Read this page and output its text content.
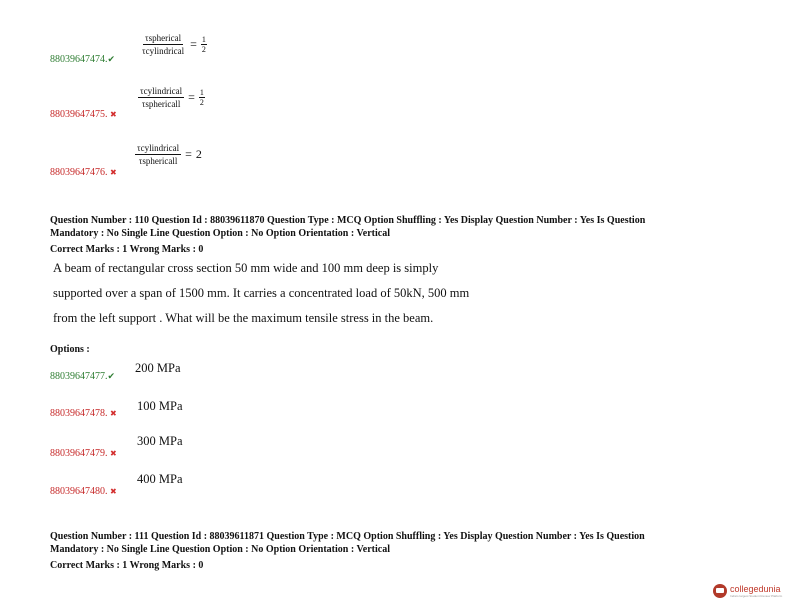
88039647474.✔
$\frac{\text{τspherical}}{\text{τcylindrical}} = \frac{1}{2}$
88039647475. ✖
$\frac{\text{τcylindrical}}{\text{τsphericall}} = \frac{1}{2}$
88039647476. ✖
$\frac{\text{τcylindrical}}{\text{τsphericall}} = 2$
Question Number : 110 Question Id : 88039611870 Question Type : MCQ Option Shuffling : Yes Display Question Number : Yes Is Question
Mandatory : No Single Line Question Option : No Option Orientation : Vertical
Correct Marks : 1 Wrong Marks : 0
A beam of rectangular cross section 50 mm wide and 100 mm deep is simply
supported over a span of 1500 mm. It carries a concentrated load of 50kN, 500 mm
from the left support . What will be the maximum tensile stress in the beam.
Options :
88039647477.✔
200 MPa
88039647478. ✖
100 MPa
88039647479. ✖
300 MPa
88039647480. ✖
400 MPa
Question Number : 111 Question Id : 88039611871 Question Type : MCQ Option Shuffling : Yes Display Question Number : Yes Is Question
Mandatory : No Single Line Question Option : No Option Orientation : Vertical
Correct Marks : 1 Wrong Marks : 0
collegedunia
India's largest Student Review Platform
